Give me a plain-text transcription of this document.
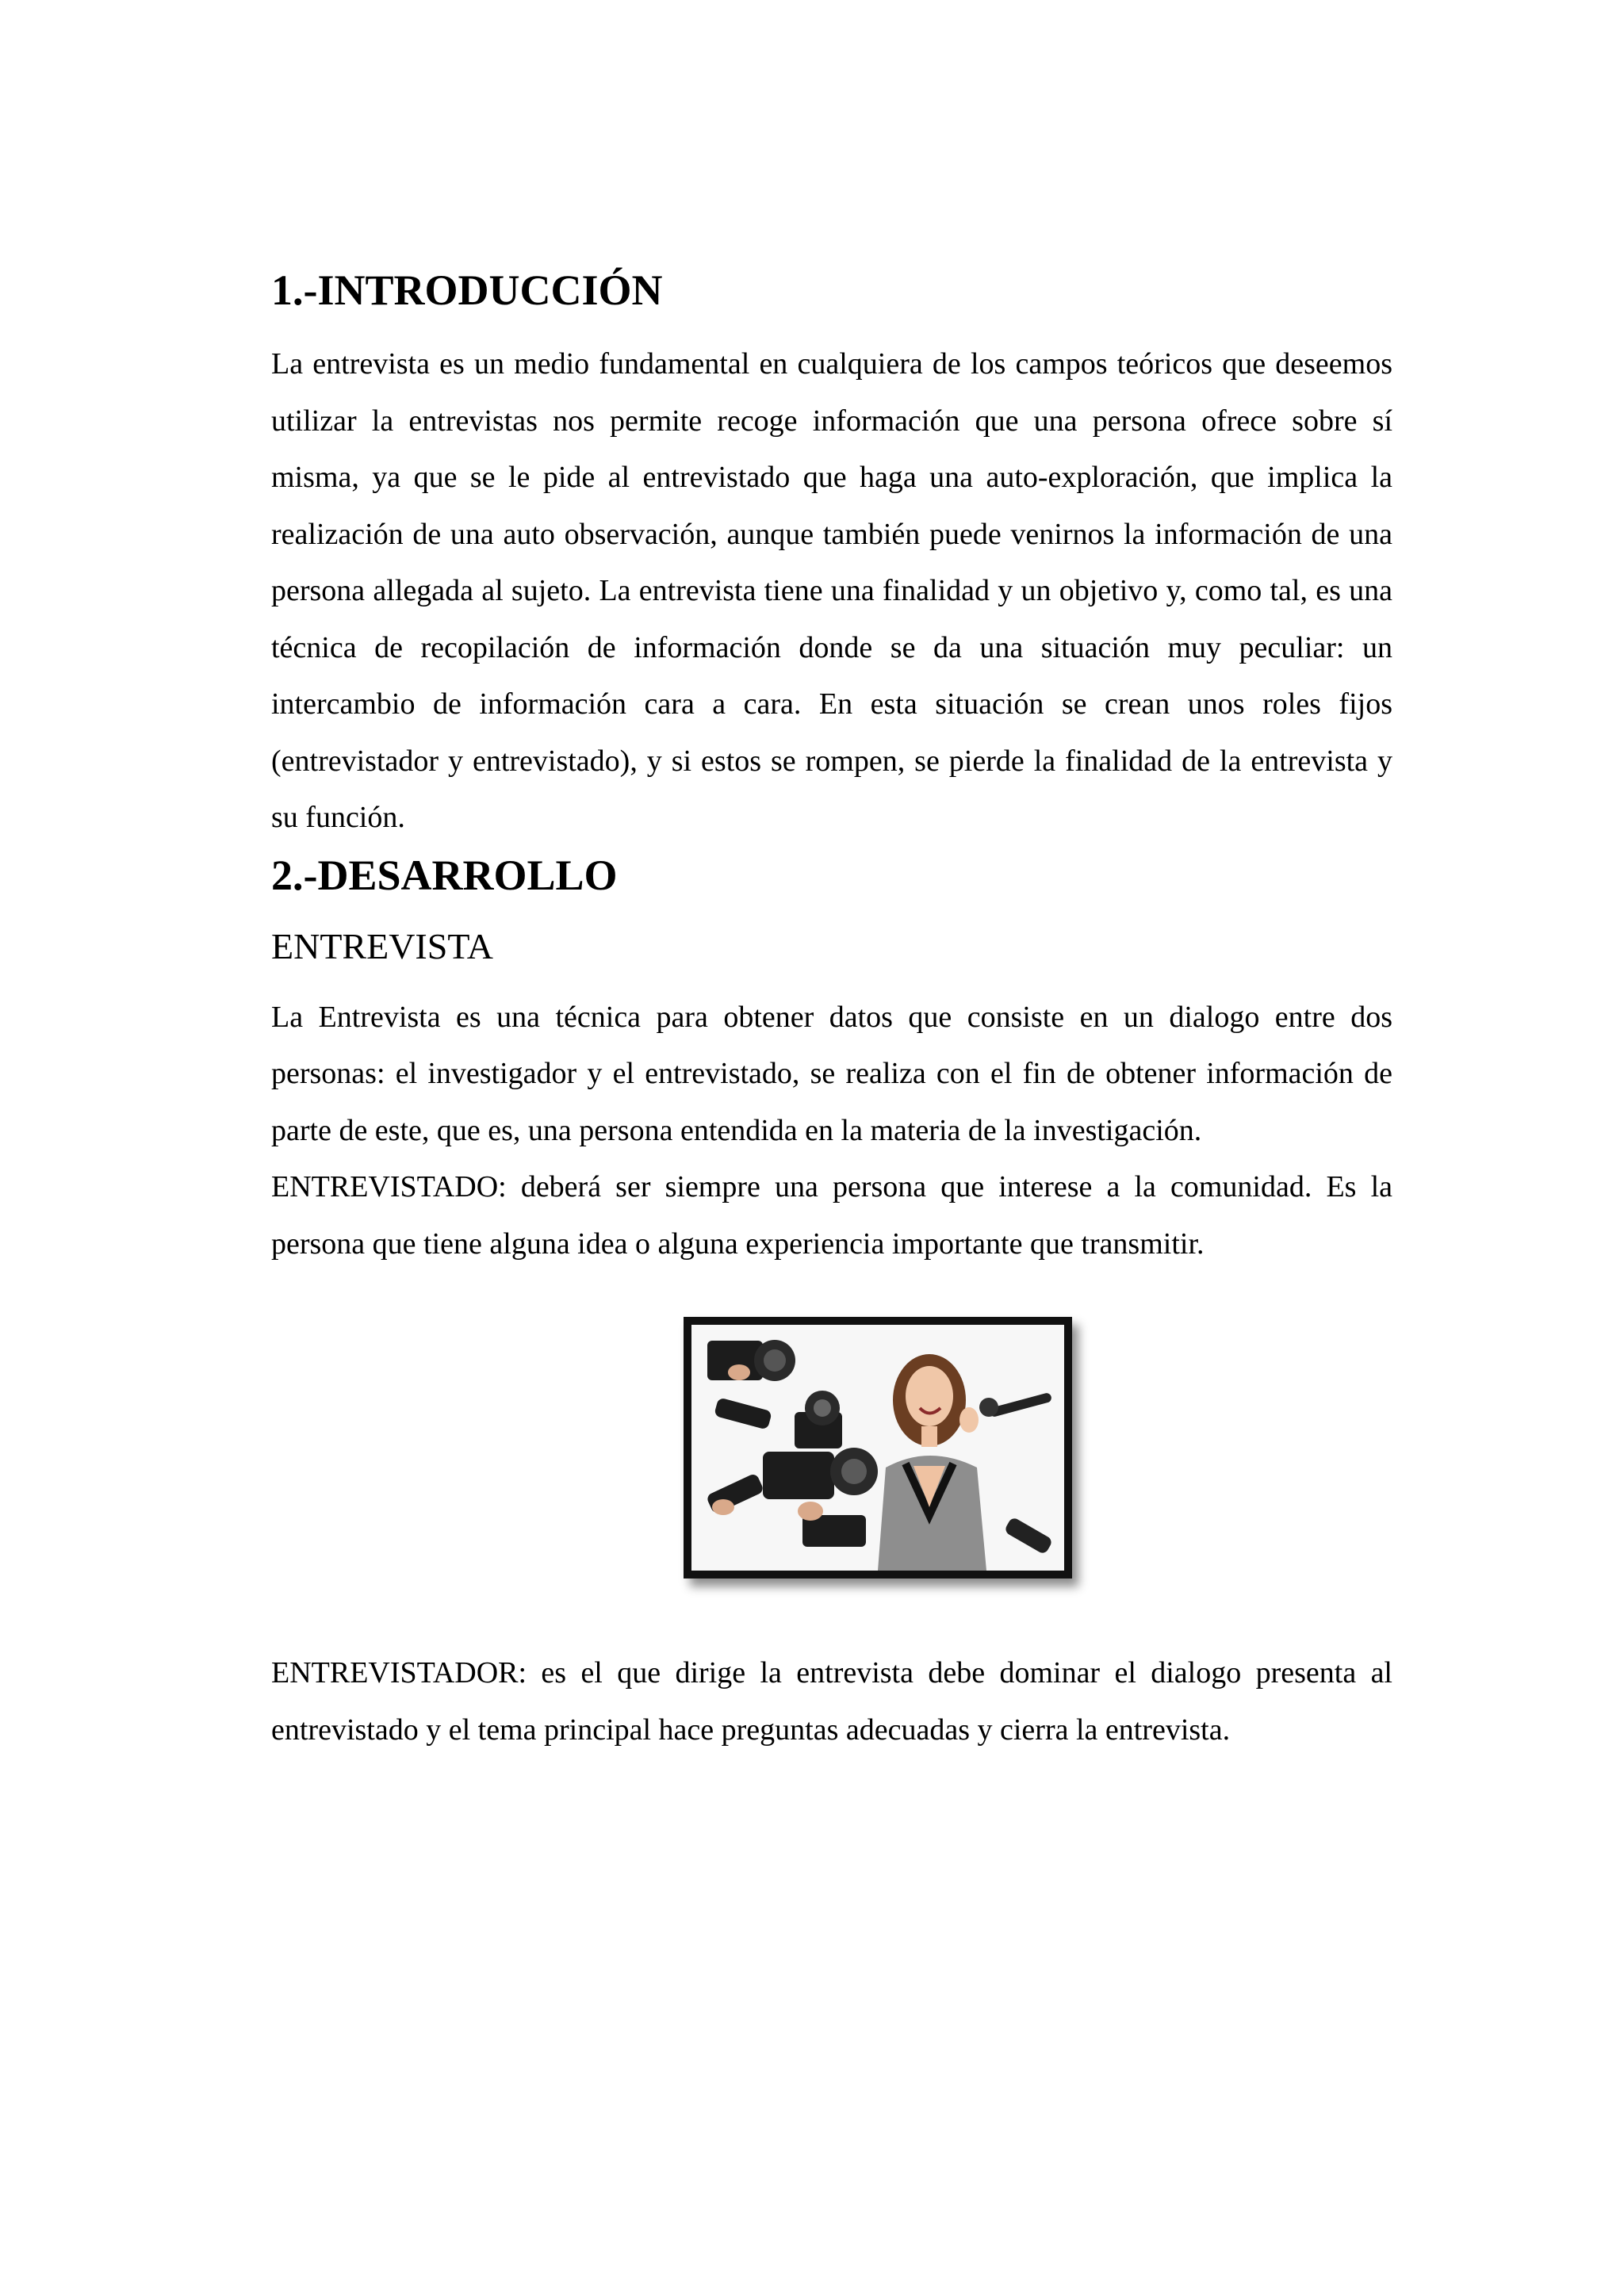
1.-INTRODUCCIÓN

La entrevista es un medio fundamental en cualquiera de los campos teóricos que deseemos utilizar la entrevistas nos permite recoge información que una persona ofrece sobre sí misma, ya que se le pide al entrevistado que haga una auto-exploración, que implica la realización de una auto observación, aunque también puede venirnos la información de una persona allegada al sujeto. La entrevista tiene una finalidad y un objetivo y, como tal, es una técnica de recopilación de información donde se da una situación muy peculiar: un intercambio de información cara a cara. En esta situación se crean unos roles fijos (entrevistador y entrevistado), y si estos se rompen, se pierde la finalidad de la entrevista y su función.

2.-DESARROLLO
ENTREVISTA

La Entrevista es una técnica para obtener datos que consiste en un dialogo entre dos personas: el investigador y el entrevistado, se realiza con el fin de obtener información de parte de este, que es, una persona entendida en la materia de la investigación.

ENTREVISTADO: deberá ser siempre una persona que interese a la comunidad. Es la persona que tiene alguna idea o alguna experiencia importante que transmitir.

ENTREVISTADOR: es el que dirige la entrevista debe dominar el dialogo presenta al entrevistado y el tema principal hace preguntas adecuadas y cierra la entrevista.
